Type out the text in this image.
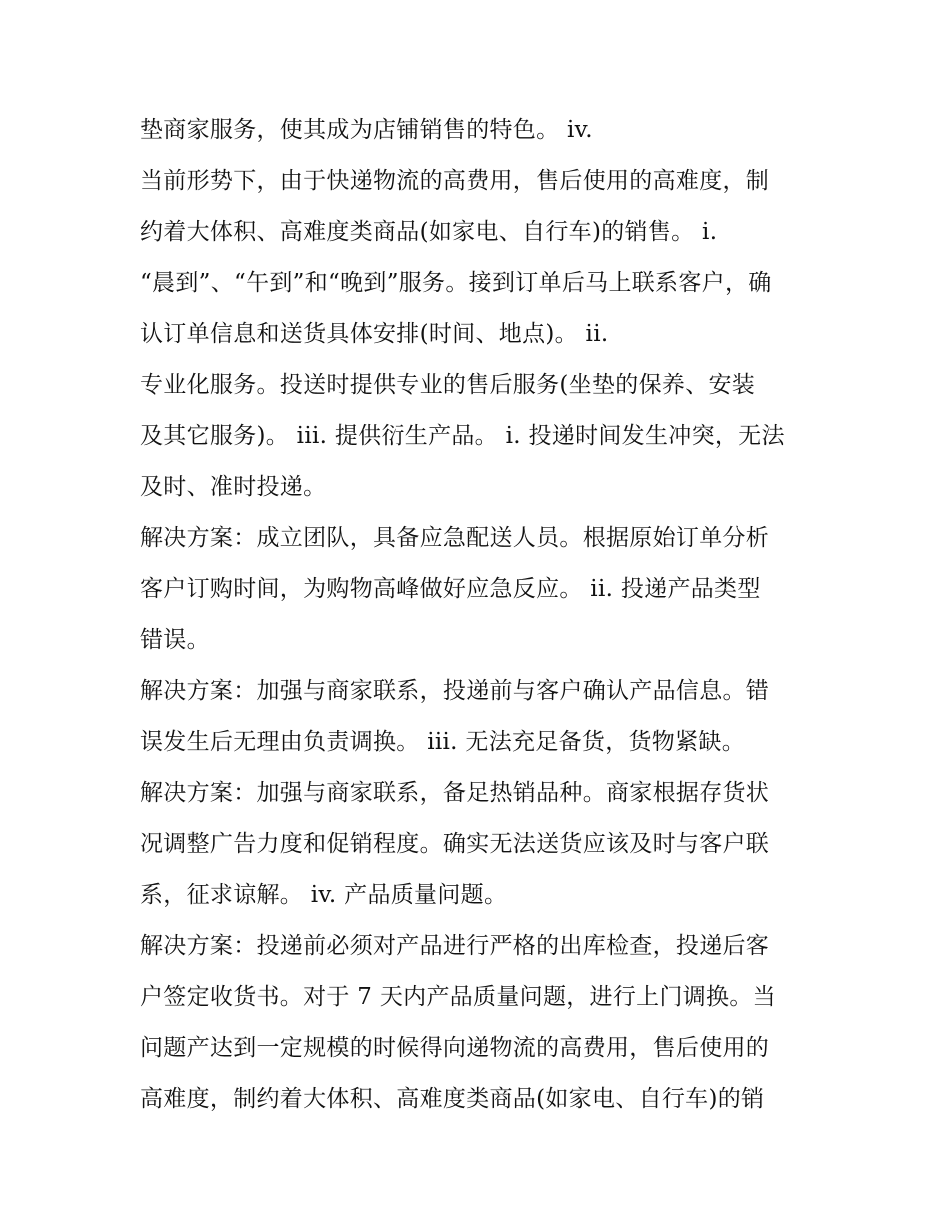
垫商家服务，使其成为店铺销售的特色。 iv.
当前形势下，由于快递物流的高费用，售后使用的高难度，制
约着大体积、高难度类商品(如家电、自行车)的销售。 i.
“晨到”、“午到”和“晚到”服务。接到订单后马上联系客户，确
认订单信息和送货具体安排(时间、地点)。 ii.
专业化服务。投送时提供专业的售后服务(坐垫的保养、安装
及其它服务)。 iii. 提供衍生产品。 i. 投递时间发生冲突，无法
及时、准时投递。
解决方案：成立团队，具备应急配送人员。根据原始订单分析
客户订购时间，为购物高峰做好应急反应。 ii. 投递产品类型
错误。
解决方案：加强与商家联系，投递前与客户确认产品信息。错
误发生后无理由负责调换。 iii. 无法充足备货，货物紧缺。
解决方案：加强与商家联系，备足热销品种。商家根据存货状
况调整广告力度和促销程度。确实无法送货应该及时与客户联
系，征求谅解。 iv. 产品质量问题。
解决方案：投递前必须对产品进行严格的出库检查，投递后客
户签定收货书。对于 7 天内产品质量问题，进行上门调换。当
问题产达到一定规模的时候得向递物流的高费用，售后使用的
高难度，制约着大体积、高难度类商品(如家电、自行车)的销
